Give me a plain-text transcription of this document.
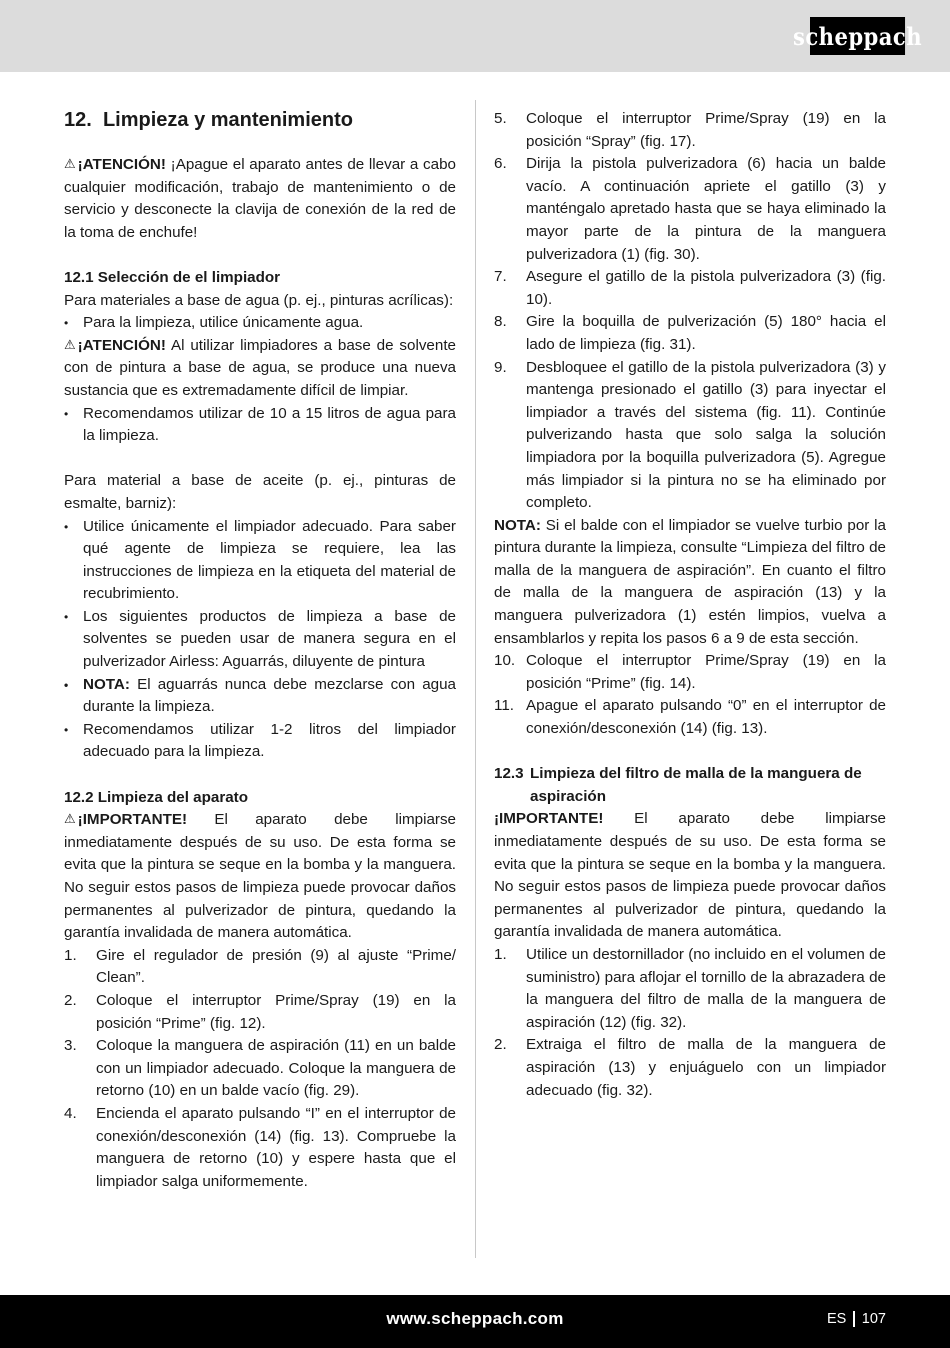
scheppach
12. Limpieza y mantenimiento

⚠ ¡ATENCIÓN! ¡Apague el aparato antes de llevar a cabo cualquier modificación, trabajo de mantenimiento o de servicio y desconecte la clavija de conexión de la red de la toma de enchufe!

12.1 Selección de el limpiador

Para materiales a base de agua (p. ej., pinturas acrílicas):

• Para la limpieza, utilice únicamente agua.

⚠ ¡ATENCIÓN! Al utilizar limpiadores a base de solvente con de pintura a base de agua, se produce una nueva sustancia que es extremadamente difícil de limpiar.

• Recomendamos utilizar de 10 a 15 litros de agua para la limpieza.

Para material a base de aceite (p. ej., pinturas de esmalte, barniz):

• Utilice únicamente el limpiador adecuado. Para saber qué agente de limpieza se requiere, lea las instrucciones de limpieza en la etiqueta del material de recubrimiento.
• Los siguientes productos de limpieza a base de solventes se pueden usar de manera segura en el pulverizador Airless: Aguarrás, diluyente de pintura
• NOTA: El aguarrás nunca debe mezclarse con agua durante la limpieza.
• Recomendamos utilizar 1-2 litros del limpiador adecuado para la limpieza.

12.2 Limpieza del aparato

⚠ ¡IMPORTANTE! El aparato debe limpiarse inmediatamente después de su uso. De esta forma se evita que la pintura se seque en la bomba y la manguera. No seguir estos pasos de limpieza puede provocar daños permanentes al pulverizador de pintura, quedando la garantía invalidada de manera automática.

1. Gire el regulador de presión (9) al ajuste “Prime/ Clean”.
2. Coloque el interruptor Prime/Spray (19) en la posición “Prime” (fig. 12).
3. Coloque la manguera de aspiración (11) en un balde con un limpiador adecuado. Coloque la manguera de retorno (10) en un balde vacío (fig. 29).
4. Encienda el aparato pulsando “I” en el interruptor de conexión/desconexión (14) (fig. 13). Compruebe la manguera de retorno (10) y espere hasta que el limpiador salga uniformemente.
5. Coloque el interruptor Prime/Spray (19) en la posición “Spray” (fig. 17).
6. Dirija la pistola pulverizadora (6) hacia un balde vacío. A continuación apriete el gatillo (3) y manténgalo apretado hasta que se haya eliminado la mayor parte de la pintura de la manguera pulverizadora (1) (fig. 30).
7. Asegure el gatillo de la pistola pulverizadora (3) (fig. 10).
8. Gire la boquilla de pulverización (5) 180° hacia el lado de limpieza (fig. 31).
9. Desbloquee el gatillo de la pistola pulverizadora (3) y mantenga presionado el gatillo (3) para inyectar el limpiador a través del sistema (fig. 11). Continúe pulverizando hasta que solo salga la solución limpiadora por la boquilla pulverizadora (5). Agregue más limpiador si la pintura no se ha eliminado por completo.

NOTA: Si el balde con el limpiador se vuelve turbio por la pintura durante la limpieza, consulte “Limpieza del filtro de malla de la manguera de aspiración”. En cuanto el filtro de malla de la manguera de aspiración (13) y la manguera pulverizadora (1) estén limpios, vuelva a ensamblarlos y repita los pasos 6 a 9 de esta sección.

10. Coloque el interruptor Prime/Spray (19) en la posición “Prime” (fig. 14).
11. Apague el aparato pulsando “0” en el interruptor de conexión/desconexión (14) (fig. 13).
12.3 Limpieza del filtro de malla de la manguera de aspiración

¡IMPORTANTE! El aparato debe limpiarse inmediatamente después de su uso. De esta forma se evita que la pintura se seque en la bomba y la manguera. No seguir estos pasos de limpieza puede provocar daños permanentes al pulverizador de pintura, quedando la garantía invalidada de manera automática.

1. Utilice un destornillador (no incluido en el volumen de suministro) para aflojar el tornillo de la abrazadera de la manguera del filtro de malla de la manguera de aspiración (12) (fig. 32).
2. Extraiga el filtro de malla de la manguera de aspiración (13) y enjuáguelo con un limpiador adecuado (fig. 32).
www.scheppach.com	ES 107
